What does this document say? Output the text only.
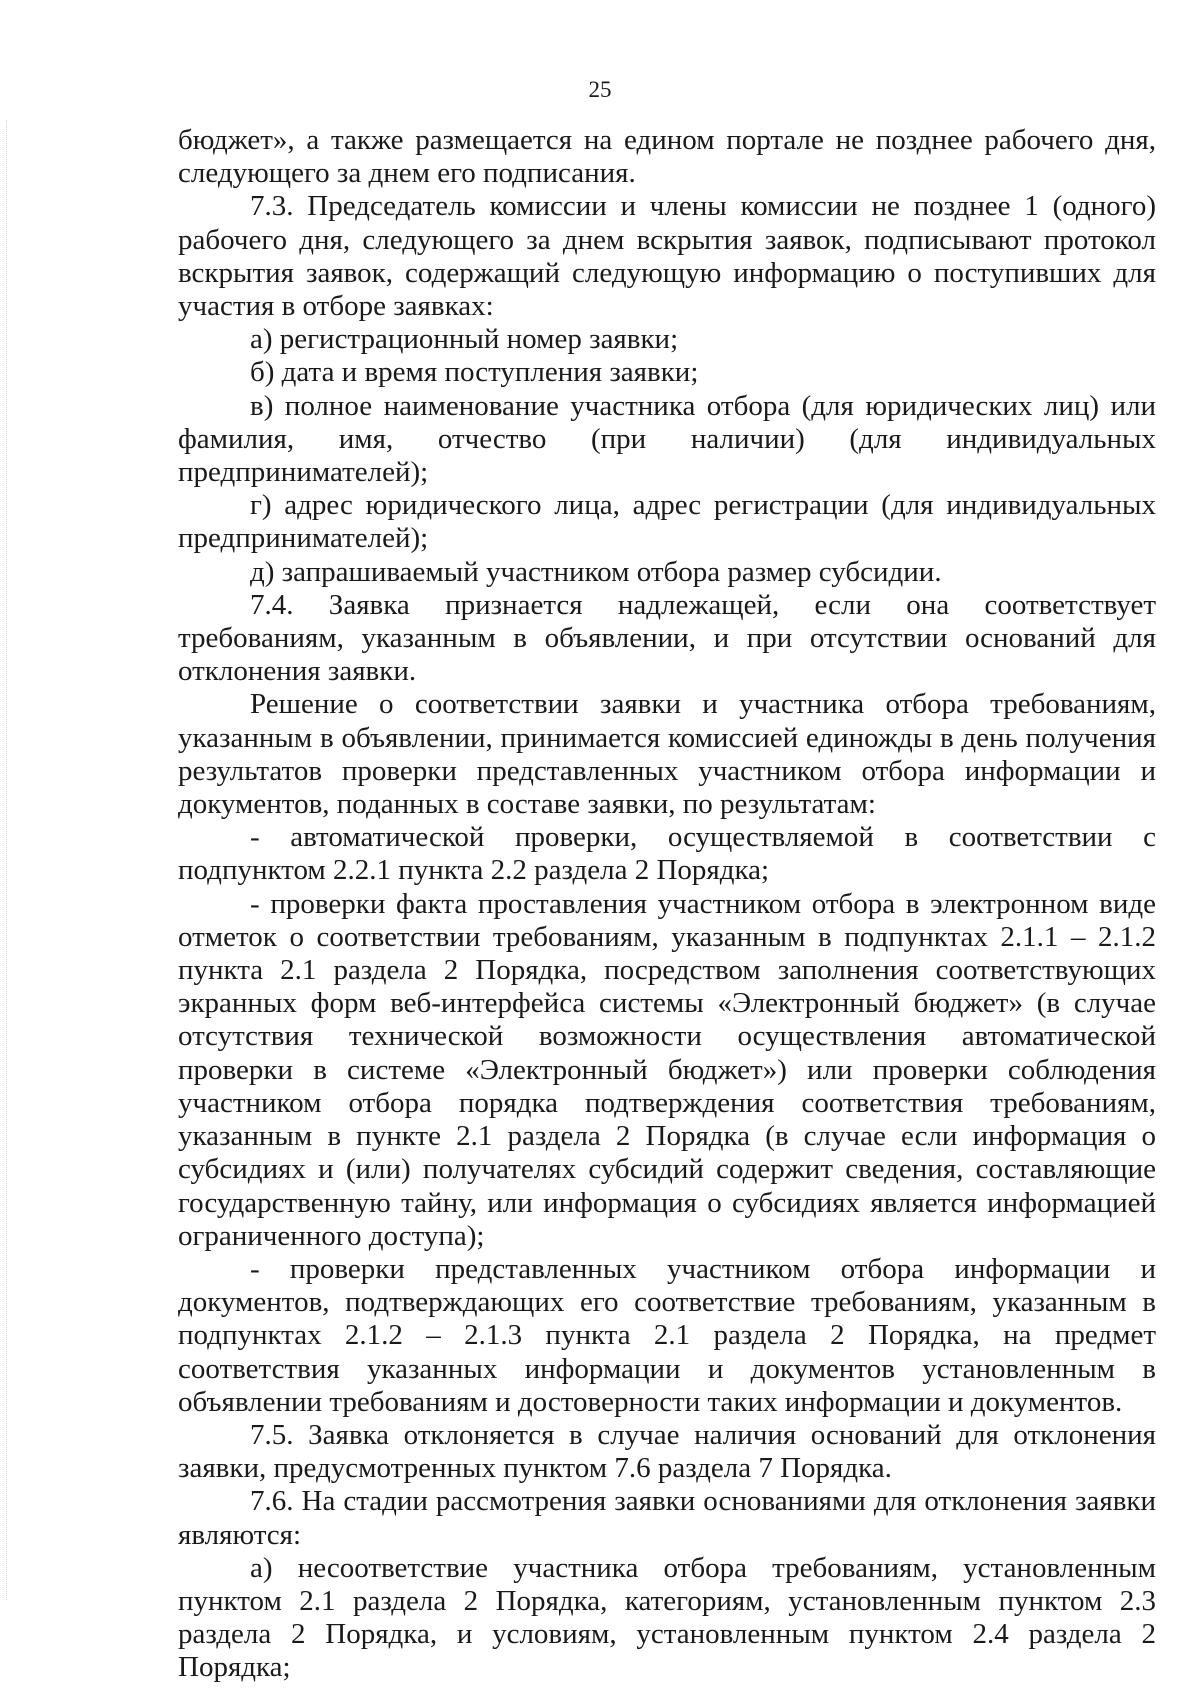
25

бюджет», а также размещается на едином портале не позднее рабочего дня, следующего за днем его подписания.

7.3. Председатель комиссии и члены комиссии не позднее 1 (одного) рабочего дня, следующего за днем вскрытия заявок, подписывают протокол вскрытия заявок, содержащий следующую информацию о поступивших для участия в отборе заявках:

а) регистрационный номер заявки;

б) дата и время поступления заявки;

в) полное наименование участника отбора (для юридических лиц) или фамилия, имя, отчество (при наличии) (для индивидуальных предпринимателей);

г) адрес юридического лица, адрес регистрации (для индивидуальных предпринимателей);

д) запрашиваемый участником отбора размер субсидии.

7.4. Заявка признается надлежащей, если она соответствует требованиям, указанным в объявлении, и при отсутствии оснований для отклонения заявки.

Решение о соответствии заявки и участника отбора требованиям, указанным в объявлении, принимается комиссией единожды в день получения результатов проверки представленных участником отбора информации и документов, поданных в составе заявки, по результатам:

- автоматической проверки, осуществляемой в соответствии с подпунктом 2.2.1 пункта 2.2 раздела 2 Порядка;

- проверки факта проставления участником отбора в электронном виде отметок о соответствии требованиям, указанным в подпунктах 2.1.1 – 2.1.2 пункта 2.1 раздела 2 Порядка, посредством заполнения соответствующих экранных форм веб-интерфейса системы «Электронный бюджет» (в случае отсутствия технической возможности осуществления автоматической проверки в системе «Электронный бюджет») или проверки соблюдения участником отбора порядка подтверждения соответствия требованиям, указанным в пункте 2.1 раздела 2 Порядка (в случае если информация о субсидиях и (или) получателях субсидий содержит сведения, составляющие государственную тайну, или информация о субсидиях является информацией ограниченного доступа);

- проверки представленных участником отбора информации и документов, подтверждающих его соответствие требованиям, указанным в подпунктах 2.1.2 – 2.1.3 пункта 2.1 раздела 2 Порядка, на предмет соответствия указанных информации и документов установленным в объявлении требованиям и достоверности таких информации и документов.

7.5. Заявка отклоняется в случае наличия оснований для отклонения заявки, предусмотренных пунктом 7.6 раздела 7 Порядка.

7.6. На стадии рассмотрения заявки основаниями для отклонения заявки являются:

а) несоответствие участника отбора требованиям, установленным пунктом 2.1 раздела 2 Порядка, категориям, установленным пунктом 2.3 раздела 2 Порядка, и условиям, установленным пунктом 2.4 раздела 2 Порядка;
